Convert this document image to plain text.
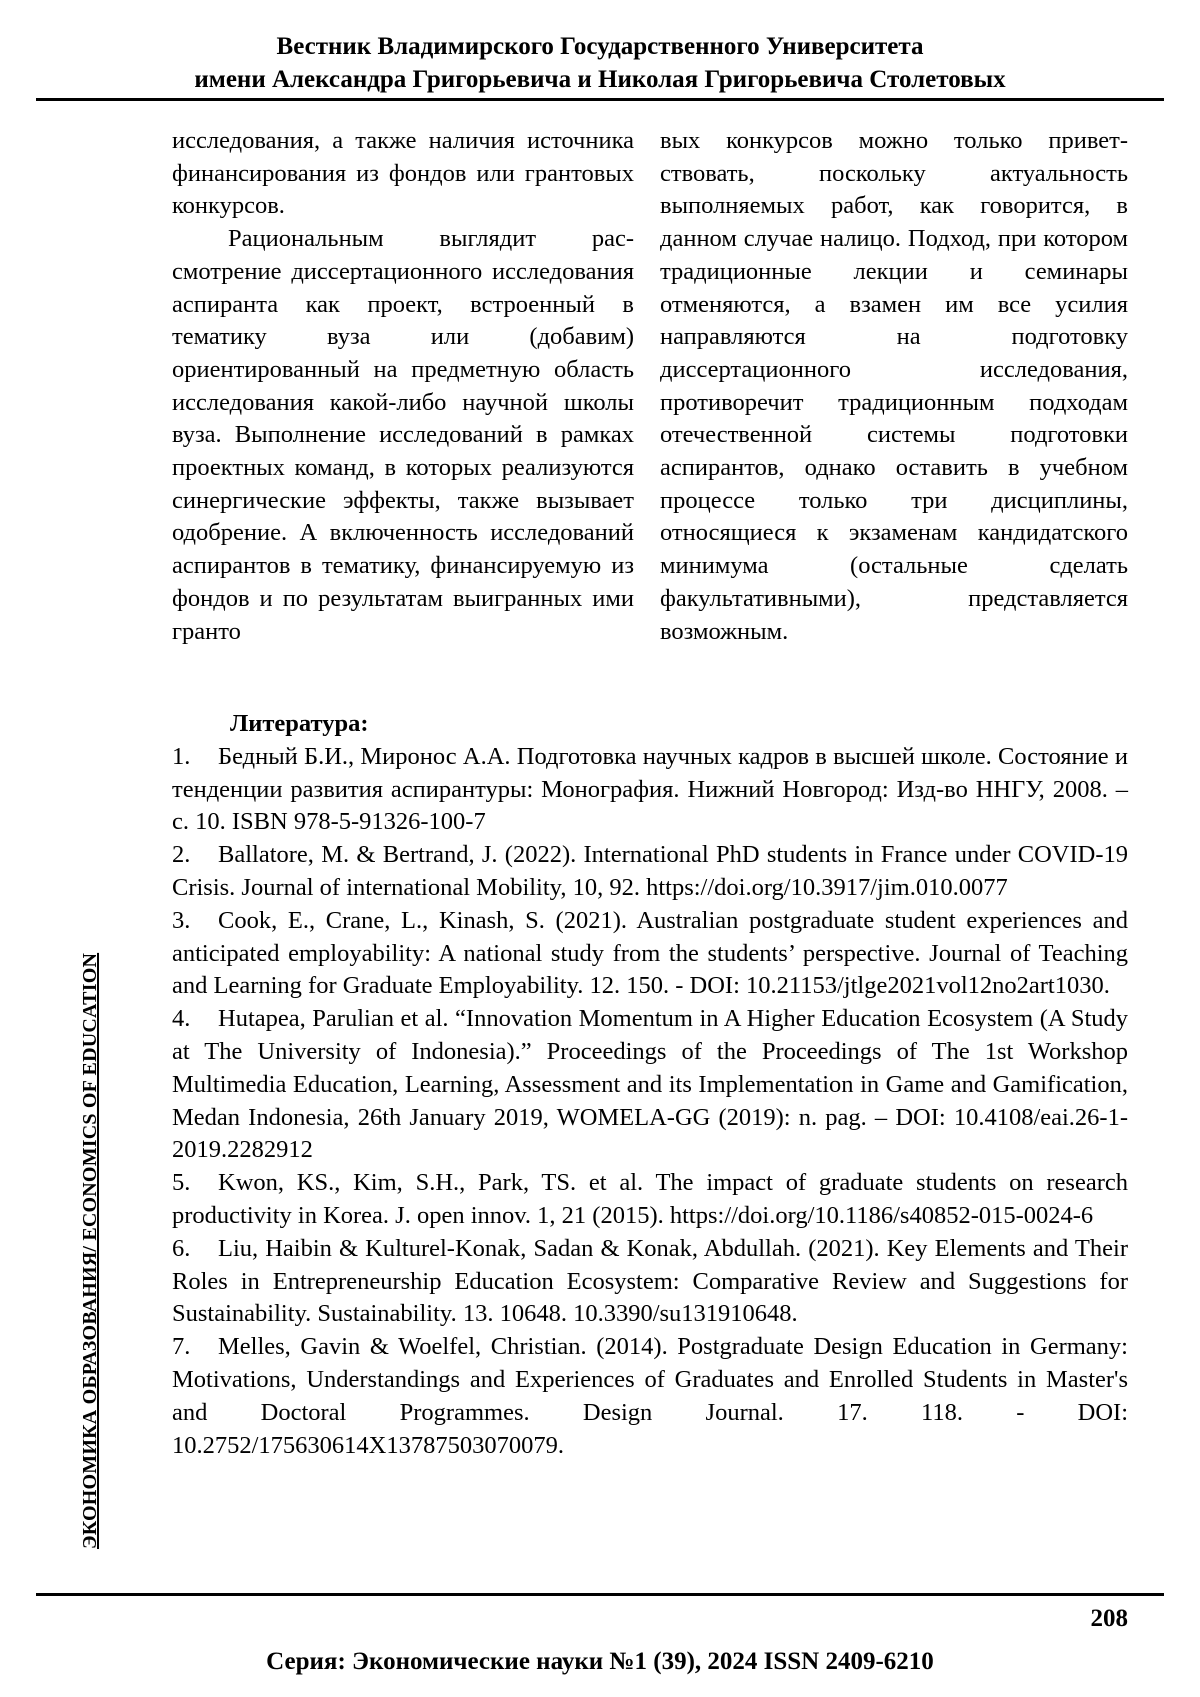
Вестник Владимирского Государственного Университета
имени Александра Григорьевича и Николая Григорьевича Столетовых

исследования, а также наличия источника финансирования из фондов или грантовых конкурсов.

Рациональным выглядит рассмотрение диссертационного исследования аспиранта как проект, встроенный в тематику вуза или (добавим) ориентированный на предметную область исследования какой-либо научной школы вуза. Выполнение исследований в рамках проектных команд, в которых реализуются синергические эффекты, также вызывает одобрение. А включенность исследований аспирантов в тематику, финансируемую из фондов и по результатам выигранных ими гранто

вых конкурсов можно только приветствовать, поскольку актуальность выполняемых работ, как говорится, в данном случае налицо. Подход, при котором традиционные лекции и семинары отменяются, а взамен им все усилия направляются на подготовку диссертационного исследования, противоречит традиционным подходам отечественной системы подготовки аспирантов, однако оставить в учебном процессе только три дисциплины, относящиеся к экзаменам кандидатского минимума (остальные сделать факультативными), представляется возможным.

Литература:

1. Бедный Б.И., Миронос А.А. Подготовка научных кадров в высшей школе. Состояние и тенденции развития аспирантуры: Монография. Нижний Новгород: Изд-во ННГУ, 2008. – с. 10. ISBN 978-5-91326-100-7

2. Ballatore, M. & Bertrand, J. (2022). International PhD students in France under COVID-19 Crisis. Journal of international Mobility, 10, 92. https://doi.org/10.3917/jim.010.0077

3. Cook, E., Crane, L., Kinash, S. (2021). Australian postgraduate student experiences and anticipated employability: A national study from the students’ perspective. Journal of Teaching and Learning for Graduate Employability. 12. 150. - DOI: 10.21153/jtlge2021vol12no2art1030.

4. Hutapea, Parulian et al. “Innovation Momentum in A Higher Education Ecosystem (A Study at The University of Indonesia).” Proceedings of the Proceedings of The 1st Workshop Multimedia Education, Learning, Assessment and its Implementation in Game and Gamification, Medan Indonesia, 26th January 2019, WOMELA-GG (2019): n. pag. – DOI: 10.4108/eai.26-1-2019.2282912

5. Kwon, KS., Kim, S.H., Park, TS. et al. The impact of graduate students on research productivity in Korea. J. open innov. 1, 21 (2015). https://doi.org/10.1186/s40852-015-0024-6

6. Liu, Haibin & Kulturel-Konak, Sadan & Konak, Abdullah. (2021). Key Elements and Their Roles in Entrepreneurship Education Ecosystem: Comparative Review and Suggestions for Sustainability. Sustainability. 13. 10648. 10.3390/su131910648.

7. Melles, Gavin & Woelfel, Christian. (2014). Postgraduate Design Education in Germany: Motivations, Understandings and Experiences of Graduates and Enrolled Students in Master's and Doctoral Programmes. Design Journal. 17. 118. - DOI: 10.2752/175630614X13787503070079.

ЭКОНОМИКА ОБРАЗОВАНИЯ/ ECONOMICS OF EDUCATION
208
Серия: Экономические науки №1 (39), 2024 ISSN 2409-6210
